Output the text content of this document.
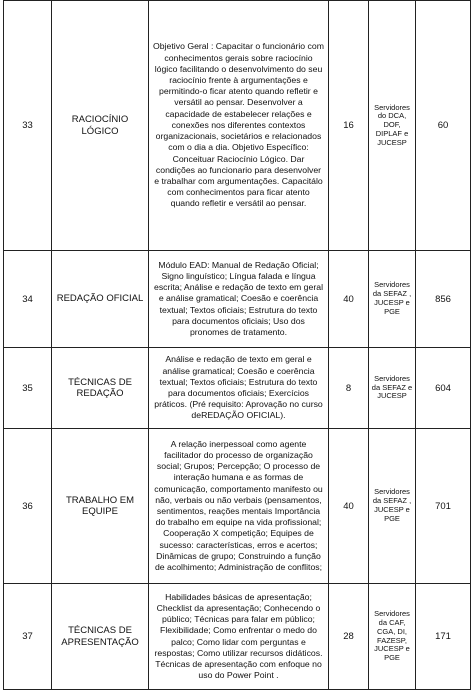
33	RACIOCÍNIO LÓGICO	Objetivo Geral : Capacitar o funcionário com conhecimentos gerais sobre raciocínio lógico facilitando o desenvolvimento do seu raciocínio frente à argumentações e permitindo-o ficar atento quando refletir e versátil ao pensar. Desenvolver a capacidade de estabelecer relações e conexões nos diferentes contextos organizacionais, societários e relacionados com o dia a dia. Objetivo Específico: Conceituar Raciocínio Lógico. Dar condições ao funcionario para desenvolver e trabalhar com argumentações. Capacitálo com conhecimentos para ficar atento quando refletir e versátil ao pensar.	16	Servidores do DCA, DOF, DIPLAF e JUCESP	60
34	REDAÇÃO OFICIAL	Módulo EAD: Manual de Redação Oficial; Signo linguístico; Língua falada e língua escrita; Análise e redação de texto em geral e análise gramatical; Coesão e coerência textual; Textos oficiais; Estrutura do texto para documentos oficiais; Uso dos pronomes de tratamento.	40	Servidores da SEFAZ , JUCESP e PGE	856
35	TÉCNICAS DE REDAÇÃO	Análise e redação de texto em geral e análise gramatical; Coesão e coerência textual; Textos oficiais; Estrutura do texto para documentos oficiais; Exercícios práticos. (Pré requisito: Aprovação no curso deREDAÇÃO OFICIAL).	8	Servidores da SEFAZ e JUCESP	604
36	TRABALHO EM EQUIPE	A relação inerpessoal como agente facilitador do processo de organização social; Grupos; Percepção; O processo de interação humana e as formas de comunicação, comportamento manifesto ou não, verbais ou não verbais (pensamentos, sentimentos, reações mentais Importância do trabalho em equipe na vida profissional; Cooperação X competição; Equipes de sucesso: características, erros e acertos; Dinâmicas de grupo; Construindo a função de acolhimento; Administração de conflitos;	40	Servidores da SEFAZ , JUCESP e PGE	701
37	TÉCNICAS DE APRESENTAÇÃO	Habilidades básicas de apresentação; Checklist da apresentação; Conhecendo o público; Técnicas para falar em público; Flexibilidade; Como enfrentar o medo do palco; Como lidar com perguntas e respostas; Como utilizar recursos didáticos. Técnicas de apresentação com enfoque no uso do Power Point .	28	Servidores da CAF, CGA, DI, FAZESP, JUCESP e PGE	171
